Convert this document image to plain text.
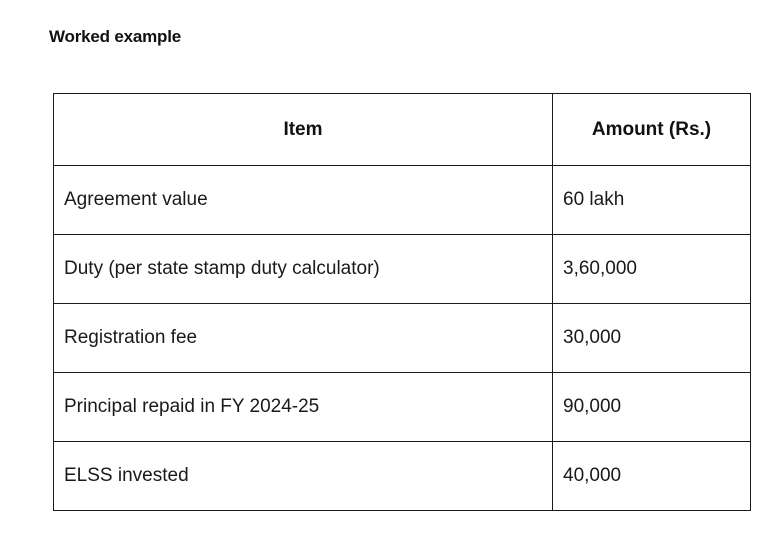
Worked example
Item	Amount (Rs.)
Agreement value	60 lakh
Duty (per state stamp duty calculator)	3,60,000
Registration fee	30,000
Principal repaid in FY 2024-25	90,000
ELSS invested	40,000
